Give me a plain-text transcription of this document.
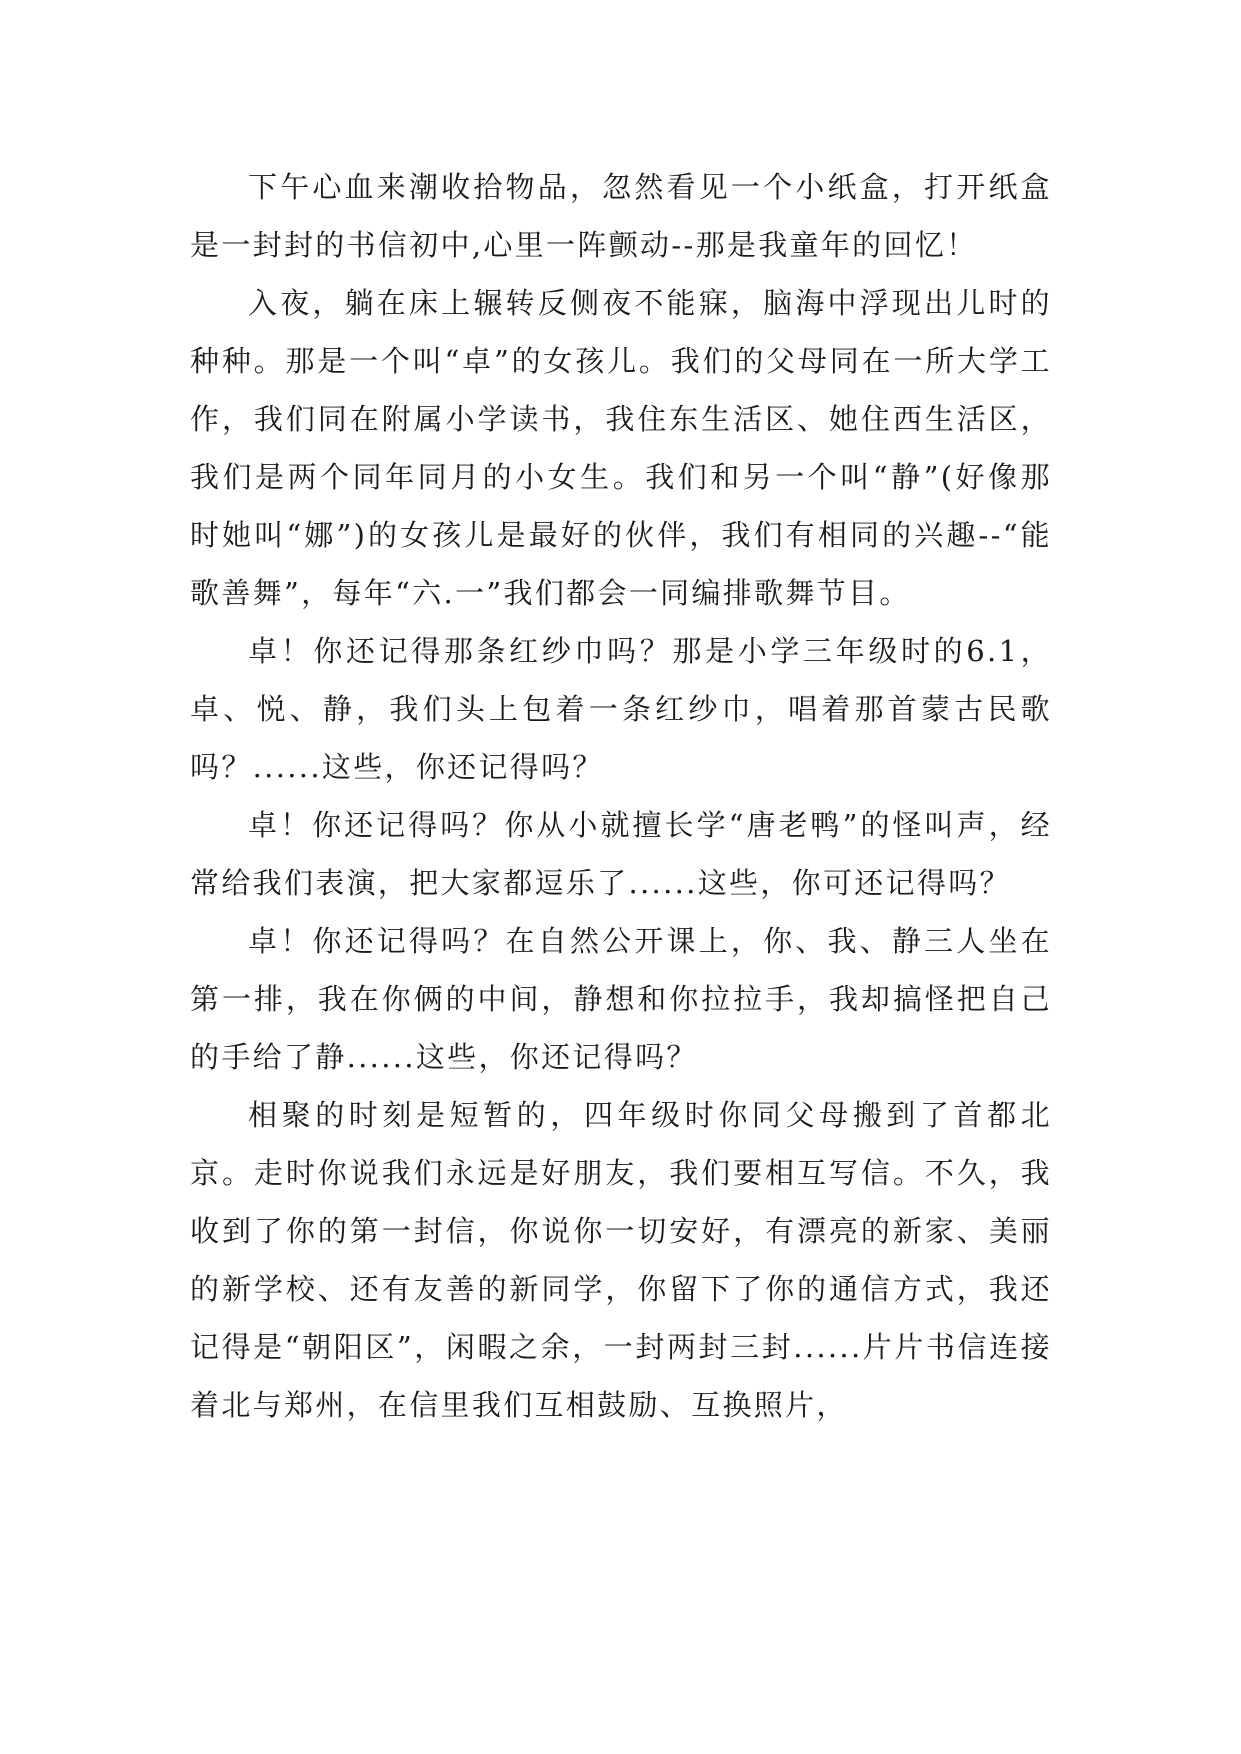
下午心血来潮收拾物品，忽然看见一个小纸盒，打开纸盒是一封封的书信初中,心里一阵颤动--那是我童年的回忆！

入夜，躺在床上辗转反侧夜不能寐，脑海中浮现出儿时的种种。那是一个叫“卓”的女孩儿。我们的父母同在一所大学工作，我们同在附属小学读书，我住东生活区、她住西生活区，我们是两个同年同月的小女生。我们和另一个叫“静”(好像那时她叫“娜”)的女孩儿是最好的伙伴，我们有相同的兴趣--“能歌善舞”，每年“六.一”我们都会一同编排歌舞节目。

卓！你还记得那条红纱巾吗？那是小学三年级时的6.1，卓、悦、静，我们头上包着一条红纱巾，唱着那首蒙古民歌吗？......这些，你还记得吗？

卓！你还记得吗？你从小就擅长学“唐老鸭”的怪叫声，经常给我们表演，把大家都逗乐了......这些，你可还记得吗？

卓！你还记得吗？在自然公开课上，你、我、静三人坐在第一排，我在你俩的中间，静想和你拉拉手，我却搞怪把自己的手给了静......这些，你还记得吗？

相聚的时刻是短暂的，四年级时你同父母搬到了首都北京。走时你说我们永远是好朋友，我们要相互写信。不久，我收到了你的第一封信，你说你一切安好，有漂亮的新家、美丽的新学校、还有友善的新同学，你留下了你的通信方式，我还记得是“朝阳区”，闲暇之余，一封两封三封......片片书信连接着北与郑州，在信里我们互相鼓励、互换照片，
